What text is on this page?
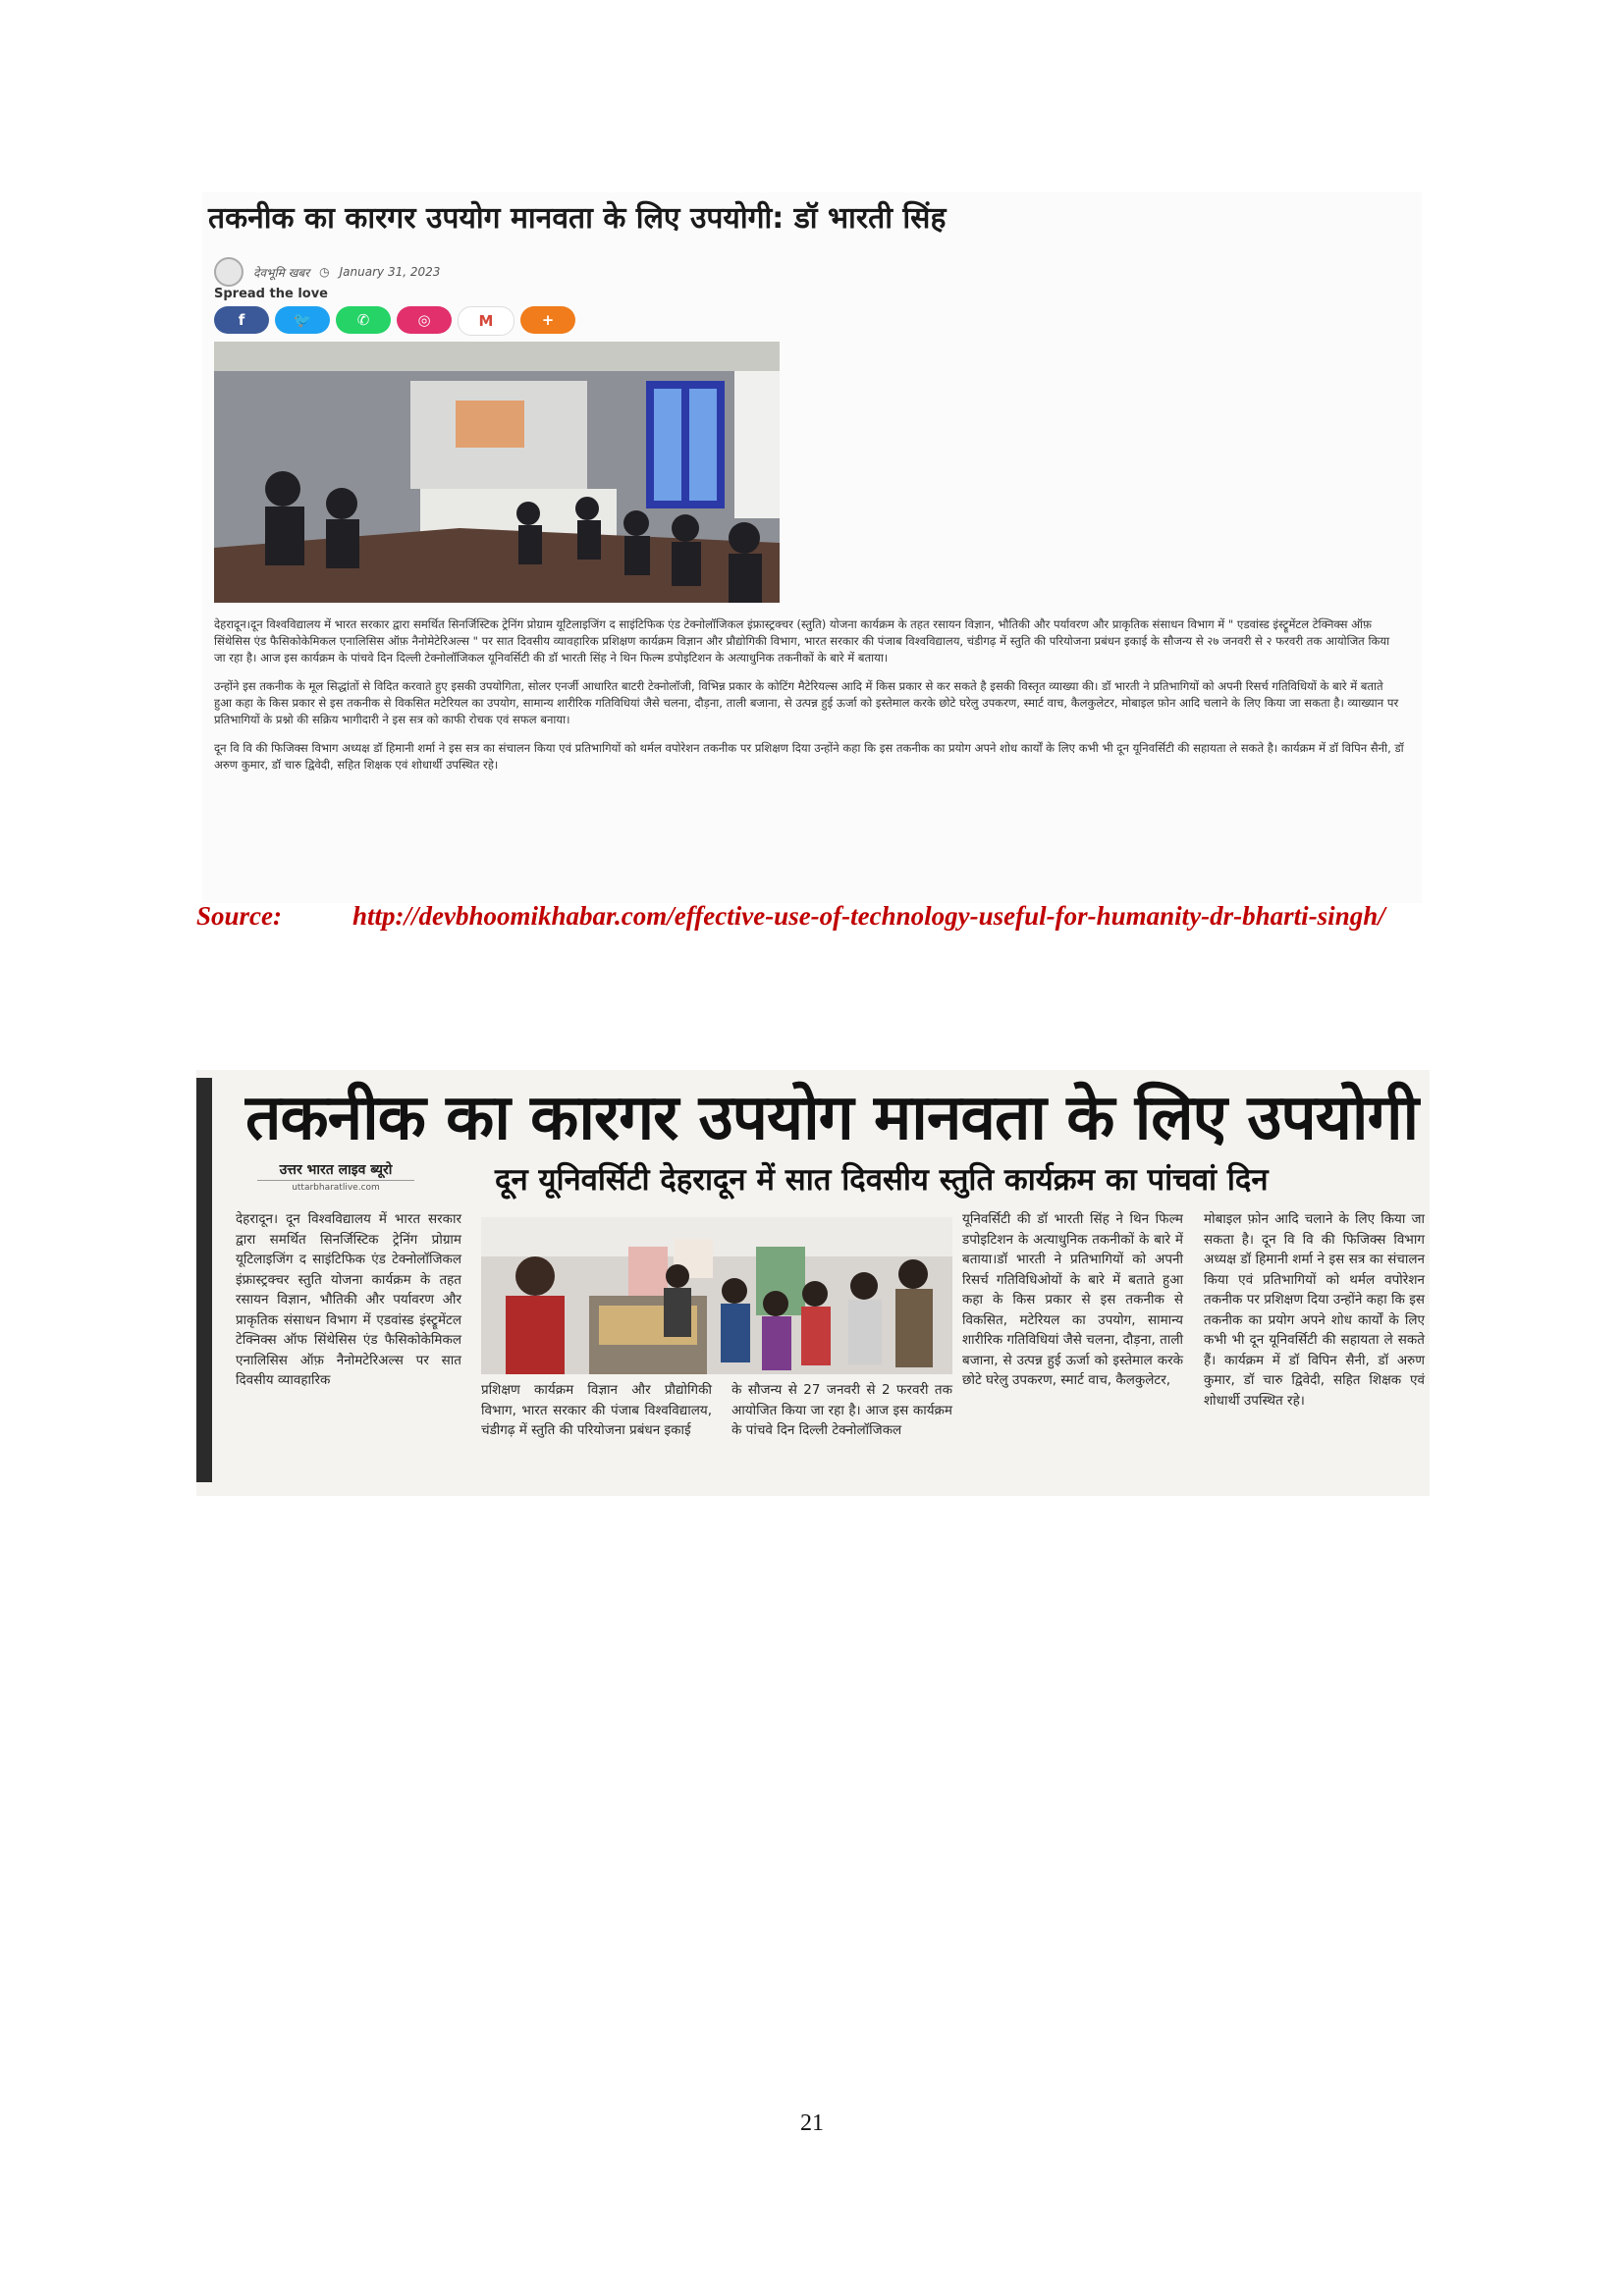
तकनीक का कारगर उपयोग मानवता के लिए उपयोगी: डॉ भारती सिंह
देवभूमि खबर ◷ January 31, 2023
Spread the love
f	🐦	✆	◎	M	+

देहरादून।दून विश्वविद्यालय में भारत सरकार द्वारा समर्थित सिनर्जिस्टिक ट्रेनिंग प्रोग्राम यूटिलाइजिंग द साइंटिफिक एंड टेक्नोलॉजिकल इंफ्रास्ट्रक्चर (स्तुति) योजना कार्यक्रम के तहत रसायन विज्ञान, भौतिकी और पर्यावरण और प्राकृतिक संसाधन विभाग में " एडवांस्ड इंस्ट्रूमेंटल टेक्निक्स ऑफ़ सिंथेसिस एंड फैसिकोकेमिकल एनालिसिस ऑफ़ नैनोमेटेरिअल्स " पर सात दिवसीय व्यावहारिक प्रशिक्षण कार्यक्रम विज्ञान और प्रौद्योगिकी विभाग, भारत सरकार की पंजाब विश्वविद्यालय, चंडीगढ़ में स्तुति की परियोजना प्रबंधन इकाई के सौजन्य से २७ जनवरी से २ फरवरी तक आयोजित किया जा रहा है। आज इस कार्यक्रम के पांचवे दिन दिल्ली टेक्नोलॉजिकल यूनिवर्सिटी की डॉ भारती सिंह ने थिन फिल्म डपोइटिशन के अत्याधुनिक तकनीकों के बारे में बताया।

उन्होंने इस तकनीक के मूल सिद्धांतों से विदित करवाते हुए इसकी उपयोगिता, सोलर एनर्जी आधारित बाटरी टेक्नोलॉजी, विभिन्न प्रकार के कोटिंग मैटेरियल्स आदि में किस प्रकार से कर सकते है इसकी विस्तृत व्याख्या की। डॉ भारती ने प्रतिभागियों को अपनी रिसर्च गतिविधियों के बारे में बताते हुआ कहा के किस प्रकार से इस तकनीक से विकसित मटेरियल का उपयोग, सामान्य शारीरिक गतिविधियां जैसे चलना, दौड़ना, ताली बजाना, से उत्पन्न हुई ऊर्जा को इस्तेमाल करके छोटे घरेलु उपकरण, स्मार्ट वाच, कैलकुलेटर, मोबाइल फ़ोन आदि चलाने के लिए किया जा सकता है। व्याख्यान पर प्रतिभागियों के प्रश्नो की सक्रिय भागीदारी ने इस सत्र को काफी रोचक एवं सफल बनाया।

दून वि वि की फिजिक्स विभाग अध्यक्ष डॉ हिमानी शर्मा ने इस सत्र का संचालन किया एवं प्रतिभागियों को थर्मल वपोरेशन तकनीक पर प्रशिक्षण दिया उन्होंने कहा कि इस तकनीक का प्रयोग अपने शोध कार्यों के लिए कभी भी दून यूनिवर्सिटी की सहायता ले सकते है। कार्यक्रम में डॉ विपिन सैनी, डॉ अरुण कुमार, डॉ चारु द्विवेदी, सहित शिक्षक एवं शोधार्थी उपस्थित रहे।

Source:	http://devbhoomikhabar.com/effective-use-of-technology-useful-for-humanity-dr-bharti-singh/
तकनीक का कारगर उपयोग मानवता के लिए उपयोगी
उत्तर भारत लाइव ब्यूरो
uttarbharatlive.com	दून यूनिवर्सिटी देहरादून में सात दिवसीय स्तुति कार्यक्रम का पांचवां दिन
देहरादून। दून विश्वविद्यालय में भारत सरकार द्वारा समर्थित सिनर्जिस्टिक ट्रेनिंग प्रोग्राम यूटिलाइजिंग द साइंटिफिक एंड टेक्नोलॉजिकल इंफ्रास्ट्रक्चर स्तुति योजना कार्यक्रम के तहत रसायन विज्ञान, भौतिकी और पर्यावरण और प्राकृतिक संसाधन विभाग में एडवांस्ड इंस्ट्रूमेंटल टेक्निक्स ऑफ सिंथेसिस एंड फैसिकोकेमिकल एनालिसिस ऑफ़ नैनोमटेरिअल्स पर सात दिवसीय व्यावहारिक
प्रशिक्षण कार्यक्रम विज्ञान और प्रौद्योगिकी विभाग, भारत सरकार की पंजाब विश्वविद्यालय, चंडीगढ़ में स्तुति की परियोजना प्रबंधन इकाई
के सौजन्य से 27 जनवरी से 2 फरवरी तक आयोजित किया जा रहा है। आज इस कार्यक्रम के पांचवे दिन दिल्ली टेक्नोलॉजिकल
यूनिवर्सिटी की डॉ भारती सिंह ने थिन फिल्म डपोइटिशन के अत्याधुनिक तकनीकों के बारे में बताया।डॉ भारती ने प्रतिभागियों को अपनी रिसर्च गतिविधिओयों के बारे में बताते हुआ कहा के किस प्रकार से इस तकनीक से विकसित, मटेरियल का उपयोग, सामान्य शारीरिक गतिविधियां जैसे चलना, दौड़ना, ताली बजाना, से उत्पन्न हुई ऊर्जा को इस्तेमाल करके छोटे घरेलु उपकरण, स्मार्ट वाच, कैलकुलेटर,
मोबाइल फ़ोन आदि चलाने के लिए किया जा सकता है। दून वि वि की फिजिक्स विभाग अध्यक्ष डॉ हिमानी शर्मा ने इस सत्र का संचालन किया एवं प्रतिभागियों को थर्मल वपोरेशन तकनीक पर प्रशिक्षण दिया उन्होंने कहा कि इस तकनीक का प्रयोग अपने शोध कार्यों के लिए कभी भी दून यूनिवर्सिटी की सहायता ले सकते हैं। कार्यक्रम में डॉ विपिन सैनी, डॉ अरुण कुमार, डॉ चारु द्विवेदी, सहित शिक्षक एवं शोधार्थी उपस्थित रहे।
21
